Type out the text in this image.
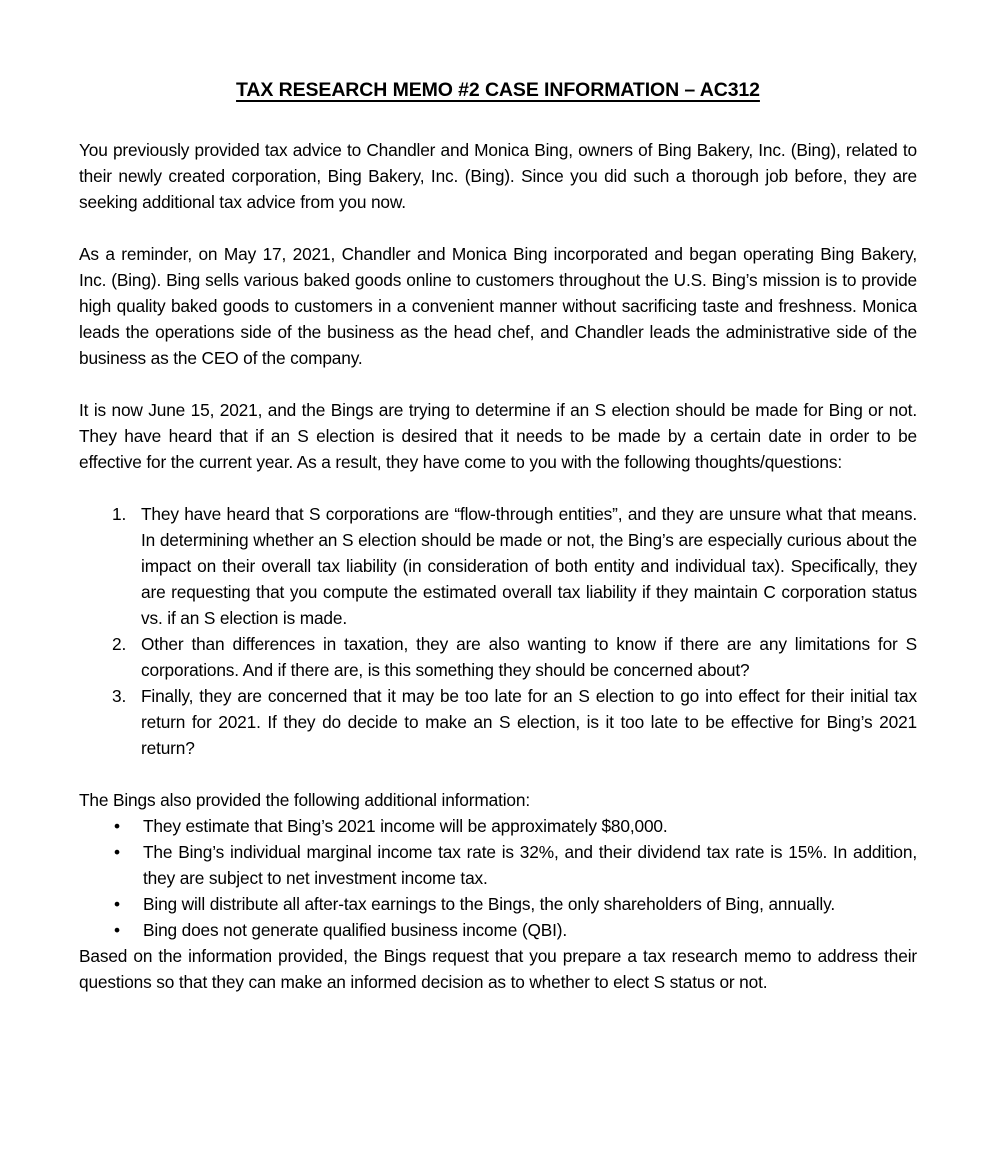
TAX RESEARCH MEMO #2 CASE INFORMATION – AC312

You previously provided tax advice to Chandler and Monica Bing, owners of Bing Bakery, Inc. (Bing), related to their newly created corporation, Bing Bakery, Inc. (Bing). Since you did such a thorough job before, they are seeking additional tax advice from you now.

As a reminder, on May 17, 2021, Chandler and Monica Bing incorporated and began operating Bing Bakery, Inc. (Bing). Bing sells various baked goods online to customers throughout the U.S. Bing’s mission is to provide high quality baked goods to customers in a convenient manner without sacrificing taste and freshness. Monica leads the operations side of the business as the head chef, and Chandler leads the administrative side of the business as the CEO of the company.

It is now June 15, 2021, and the Bings are trying to determine if an S election should be made for Bing or not. They have heard that if an S election is desired that it needs to be made by a certain date in order to be effective for the current year. As a result, they have come to you with the following thoughts/questions:

They have heard that S corporations are “flow-through entities”, and they are unsure what that means. In determining whether an S election should be made or not, the Bing’s are especially curious about the impact on their overall tax liability (in consideration of both entity and individual tax). Specifically, they are requesting that you compute the estimated overall tax liability if they maintain C corporation status vs. if an S election is made.
Other than differences in taxation, they are also wanting to know if there are any limitations for S corporations. And if there are, is this something they should be concerned about?
Finally, they are concerned that it may be too late for an S election to go into effect for their initial tax return for 2021. If they do decide to make an S election, is it too late to be effective for Bing’s 2021 return?

The Bings also provided the following additional information:

• They estimate that Bing’s 2021 income will be approximately $80,000.
• The Bing’s individual marginal income tax rate is 32%, and their dividend tax rate is 15%. In addition, they are subject to net investment income tax.
• Bing will distribute all after-tax earnings to the Bings, the only shareholders of Bing, annually.
• Bing does not generate qualified business income (QBI).

Based on the information provided, the Bings request that you prepare a tax research memo to address their questions so that they can make an informed decision as to whether to elect S status or not.
